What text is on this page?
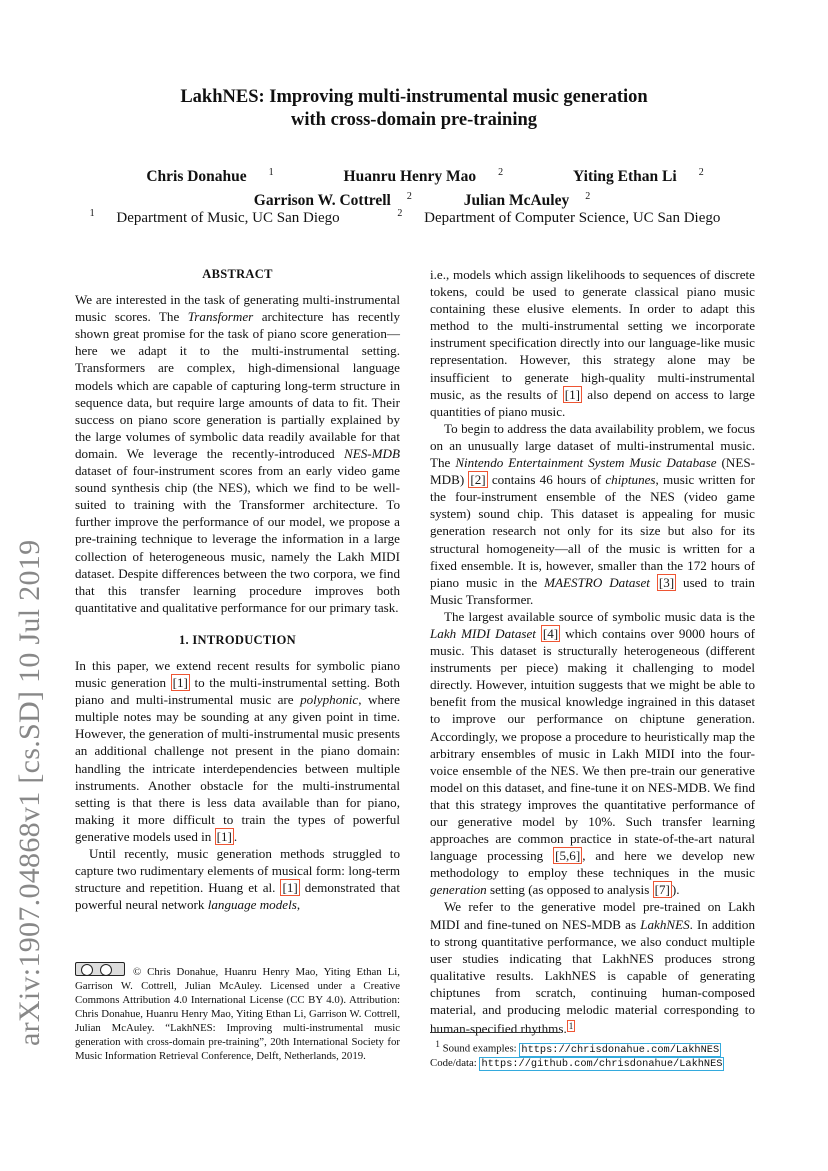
LakhNES: Improving multi-instrumental music generation
with cross-domain pre-training
Chris Donahue $^1$	Huanru Henry Mao $^2$	Yiting Ethan Li $^2$
Garrison W. Cottrell $^2$	Julian McAuley $^2$
$^1$ Department of Music, UC San Diego	$^2$ Department of Computer Science, UC San Diego
arXiv:1907.04868v1 [cs.SD] 10 Jul 2019
ABSTRACT

We are interested in the task of generating multi-instrumental music scores. The Transformer architecture has recently shown great promise for the task of piano score generation—here we adapt it to the multi-instrumental setting. Transformers are complex, high-dimensional language models which are capable of capturing long-term structure in sequence data, but require large amounts of data to fit. Their success on piano score generation is partially explained by the large volumes of symbolic data readily available for that domain. We leverage the recently-introduced NES-MDB dataset of four-instrument scores from an early video game sound synthesis chip (the NES), which we find to be well-suited to training with the Transformer architecture. To further improve the performance of our model, we propose a pre-training technique to leverage the information in a large collection of heterogeneous music, namely the Lakh MIDI dataset. Despite differences between the two corpora, we find that this transfer learning procedure improves both quantitative and qualitative performance for our primary task.

1. INTRODUCTION

In this paper, we extend recent results for symbolic piano music generation [1] to the multi-instrumental setting. Both piano and multi-instrumental music are polyphonic, where multiple notes may be sounding at any given point in time. However, the generation of multi-instrumental music presents an additional challenge not present in the piano domain: handling the intricate interdependencies between multiple instruments. Another obstacle for the multi-instrumental setting is that there is less data available than for piano, making it more difficult to train the types of powerful generative models used in [1] .

Until recently, music generation methods struggled to capture two rudimentary elements of musical form: long-term structure and repetition. Huang et al. [1] demonstrated that powerful neural network language models,

© Chris Donahue, Huanru Henry Mao, Yiting Ethan Li, Garrison W. Cottrell, Julian McAuley. Licensed under a Creative Commons Attribution 4.0 International License (CC BY 4.0). Attribution: Chris Donahue, Huanru Henry Mao, Yiting Ethan Li, Garrison W. Cottrell, Julian McAuley. “LakhNES: Improving multi-instrumental music generation with cross-domain pre-training”, 20th International Society for Music Information Retrieval Conference, Delft, Netherlands, 2019.

i.e., models which assign likelihoods to sequences of discrete tokens, could be used to generate classical piano music containing these elusive elements. In order to adapt this method to the multi-instrumental setting we incorporate instrument specification directly into our language-like music representation. However, this strategy alone may be insufficient to generate high-quality multi-instrumental music, as the results of [1] also depend on access to large quantities of piano music.

To begin to address the data availability problem, we focus on an unusually large dataset of multi-instrumental music. The Nintendo Entertainment System Music Database (NES-MDB) [2] contains 46 hours of chiptunes, music written for the four-instrument ensemble of the NES (video game system) sound chip. This dataset is appealing for music generation research not only for its size but also for its structural homogeneity—all of the music is written for a fixed ensemble. It is, however, smaller than the 172 hours of piano music in the MAESTRO Dataset [3] used to train Music Transformer.

The largest available source of symbolic music data is the Lakh MIDI Dataset [4] which contains over 9000 hours of music. This dataset is structurally heterogeneous (different instruments per piece) making it challenging to model directly. However, intuition suggests that we might be able to benefit from the musical knowledge ingrained in this dataset to improve our performance on chiptune generation. Accordingly, we propose a procedure to heuristically map the arbitrary ensembles of music in Lakh MIDI into the four-voice ensemble of the NES. We then pre-train our generative model on this dataset, and fine-tune it on NES-MDB. We find that this strategy improves the quantitative performance of our generative model by 10%. Such transfer learning approaches are common practice in state-of-the-art natural language processing [5,6] , and here we develop new methodology to employ these techniques in the music generation setting (as opposed to analysis [7] ).

We refer to the generative model pre-trained on Lakh MIDI and fine-tuned on NES-MDB as LakhNES. In addition to strong quantitative performance, we also conduct multiple user studies indicating that LakhNES produces strong qualitative results. LakhNES is capable of generating chiptunes from scratch, continuing human-composed material, and producing melodic material corresponding to human-specified rhythms. $^1$

$^1$ Sound examples: https://chrisdonahue.com/LakhNES
Code/data: https://github.com/chrisdonahue/LakhNES
